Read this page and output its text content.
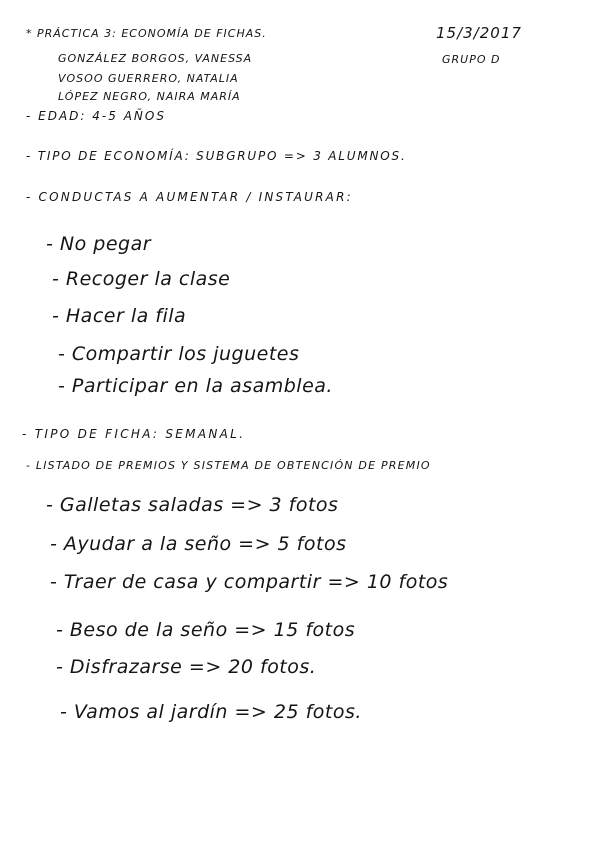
* PRÁCTICA 3: ECONOMÍA DE FICHAS.	15/3/2017
GRUPO D
GONZÁLEZ BORGOS, VANESSA
VOSOO GUERRERO, NATALIA
LÓPEZ NEGRO, NAIRA MARÍA
- EDAD: 4-5 AÑOS
- TIPO DE ECONOMÍA: SUBGRUPO => 3 ALUMNOS.
- CONDUCTAS A AUMENTAR / INSTAURAR:
- No pegar
- Recoger la clase
- Hacer la fila
- Compartir los juguetes
- Participar en la asamblea.
- TIPO DE FICHA: SEMANAL.
- LISTADO DE PREMIOS Y SISTEMA DE OBTENCIÓN DE PREMIO
- Galletas saladas => 3 fotos
- Ayudar a la seño => 5 fotos
- Traer de casa y compartir => 10 fotos
- Beso de la seño => 15 fotos
- Disfrazarse => 20 fotos.
- Vamos al jardín => 25 fotos.
